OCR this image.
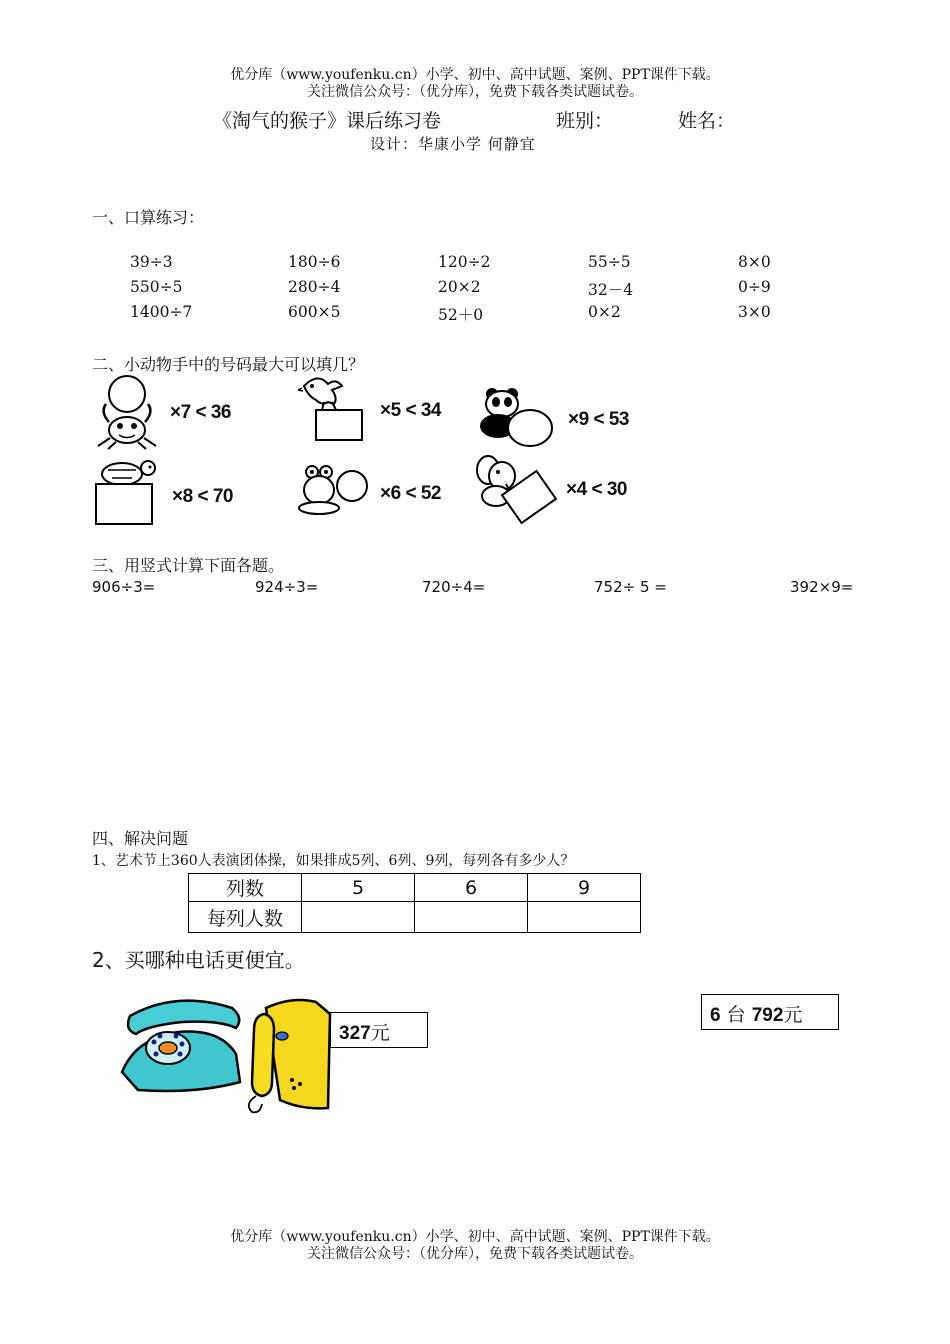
优分库（www.youfenku.cn）小学、初中、高中试题、案例、PPT课件下载。
关注微信公众号：（优分库），免费下载各类试题试卷。
《淘气的猴子》课后练习卷	班别：	姓名：
设计：华康小学 何静宜
一、口算练习：
39÷3	180÷6	120÷2	55÷5	8×0
550÷5	280÷4	20×2	32－4	0÷9
1400÷7	600×5	52＋0	0×2	3×0
二、小动物手中的号码最大可以填几？
×7 < 36	×5 < 34	×9 < 53
×8 < 70	×6 < 52	×4 < 30
三、用竖式计算下面各题。
906÷3=	924÷3=	720÷4=	752÷ 5 =	392×9=
四、解决问题
1、艺术节上360人表演团体操，如果排成5列、6列、9列，每列各有多少人？
列数	5	6	9
每列人数			
2、买哪种电话更便宜。
327元
6 台 792元
优分库（www.youfenku.cn）小学、初中、高中试题、案例、PPT课件下载。
关注微信公众号：（优分库），免费下载各类试题试卷。
